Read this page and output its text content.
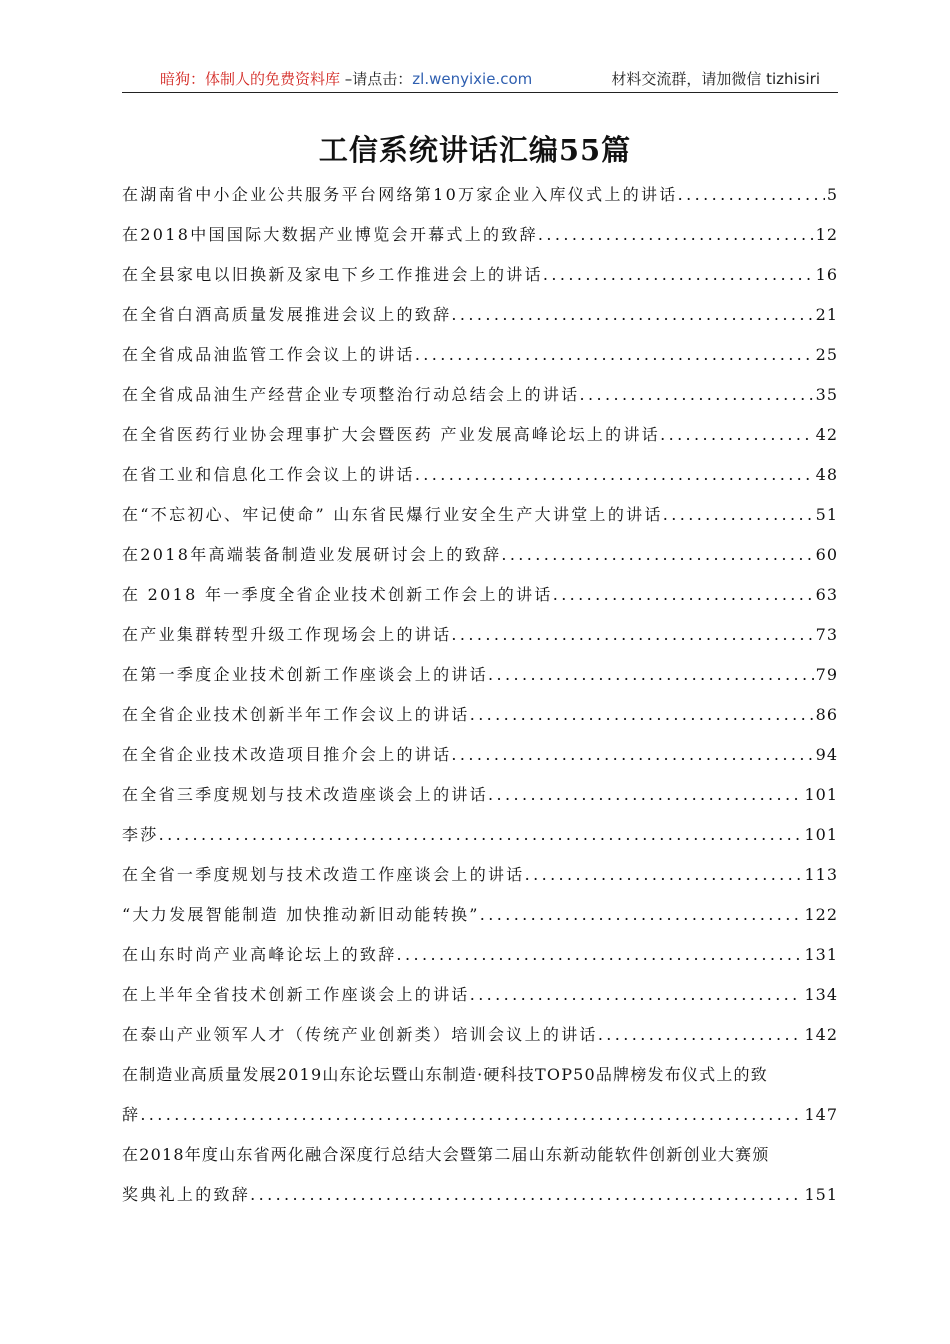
暗狗：体制人的免费资料库 –请点击：zl.wenyixie.com	材料交流群，请加微信 tizhisiri
工信系统讲话汇编55篇
在湖南省中小企业公共服务平台网络第10万家企业入库仪式上的讲话 .....	5
在2018中国国际大数据产业博览会开幕式上的致辞 .....	12
在全县家电以旧换新及家电下乡工作推进会上的讲话 .....	16
在全省白酒高质量发展推进会议上的致辞 .....	21
在全省成品油监管工作会议上的讲话 .....	25
在全省成品油生产经营企业专项整治行动总结会上的讲话 .....	35
在全省医药行业协会理事扩大会暨医药 产业发展高峰论坛上的讲话 .....	42
在省工业和信息化工作会议上的讲话 .....	48
在“不忘初心、牢记使命” 山东省民爆行业安全生产大讲堂上的讲话 .....	51
在2018年高端装备制造业发展研讨会上的致辞 .....	60
在 2018 年一季度全省企业技术创新工作会上的讲话 .....	63
在产业集群转型升级工作现场会上的讲话 .....	73
在第一季度企业技术创新工作座谈会上的讲话 .....	79
在全省企业技术创新半年工作会议上的讲话 .....	86
在全省企业技术改造项目推介会上的讲话 .....	94
在全省三季度规划与技术改造座谈会上的讲话 .....	101
李莎 .....	101
在全省一季度规划与技术改造工作座谈会上的讲话 .....	113
“大力发展智能制造 加快推动新旧动能转换” .....	122
在山东时尚产业高峰论坛上的致辞 .....	131
在上半年全省技术创新工作座谈会上的讲话 .....	134
在泰山产业领军人才（传统产业创新类）培训会议上的讲话 .....	142
在制造业高质量发展2019山东论坛暨山东制造·硬科技TOP50品牌榜发布仪式上的致
辞 .....	147
在2018年度山东省两化融合深度行总结大会暨第二届山东新动能软件创新创业大赛颁
奖典礼上的致辞 .....	151
